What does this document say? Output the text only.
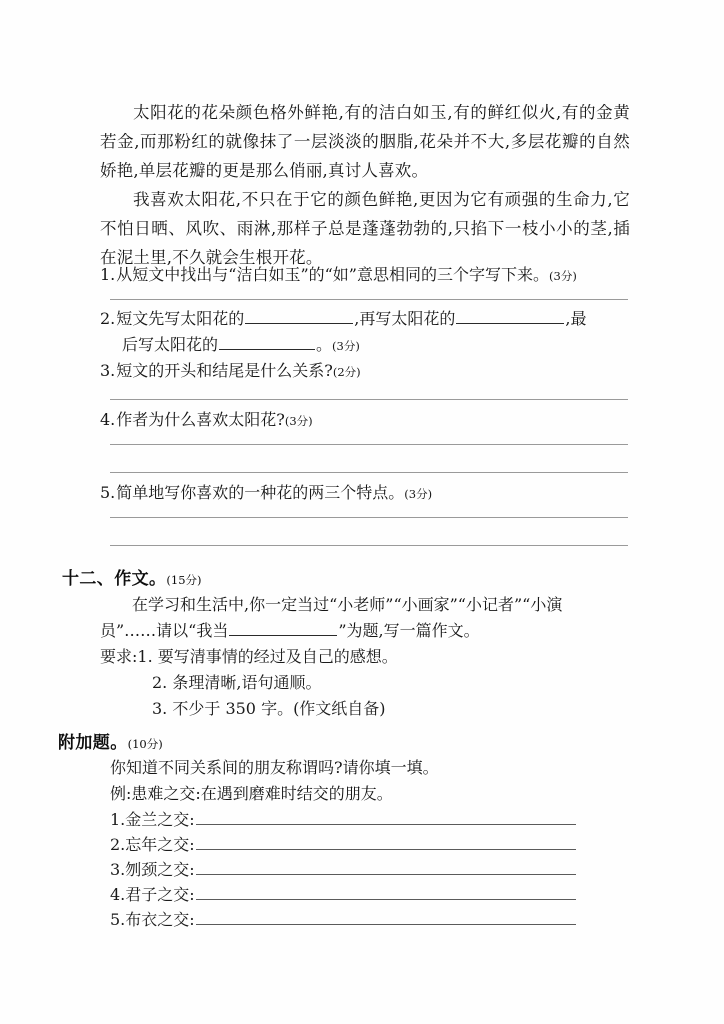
太阳花的花朵颜色格外鲜艳,有的洁白如玉,有的鲜红似火,有的金黄若金,而那粉红的就像抹了一层淡淡的胭脂,花朵并不大,多层花瓣的自然娇艳,单层花瓣的更是那么俏丽,真讨人喜欢。
我喜欢太阳花,不只在于它的颜色鲜艳,更因为它有顽强的生命力,它不怕日晒、风吹、雨淋,那样子总是蓬蓬勃勃的,只掐下一枝小小的茎,插在泥土里,不久就会生根开花。
1.从短文中找出与“洁白如玉”的“如”意思相同的三个字写下来。(3分)
2.短文先写太阳花的	,再写太阳花的	,最
后写太阳花的	。(3分)
3.短文的开头和结尾是什么关系?(2分)
4.作者为什么喜欢太阳花?(3分)
5.简单地写你喜欢的一种花的两三个特点。(3分)
十二、作文。(15分)
在学习和生活中,你一定当过“小老师”“小画家”“小记者”“小演
员”……请以“我当	”为题,写一篇作文。
要求:1. 要写清事情的经过及自己的感想。
2. 条理清晰,语句通顺。
3. 不少于 350 字。(作文纸自备)
附加题。(10分)
你知道不同关系间的朋友称谓吗?请你填一填。
例:患难之交:在遇到磨难时结交的朋友。
1.金兰之交:
2.忘年之交:
3.刎颈之交:
4.君子之交:
5.布衣之交:
